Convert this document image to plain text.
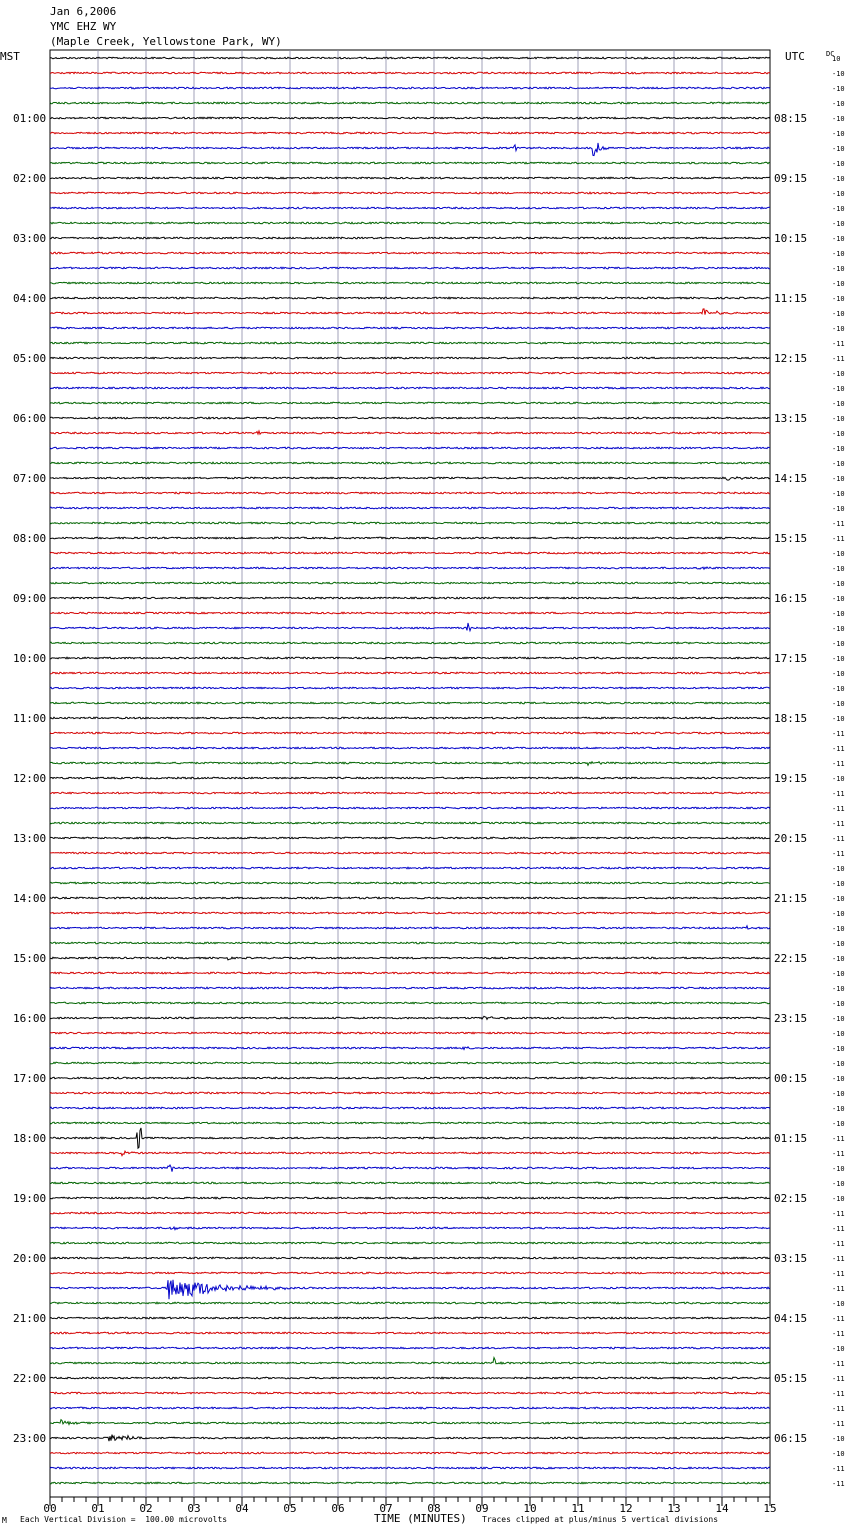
Jan 6,2006
YMC EHZ WY
(Maple Creek, Yellowstone Park, WY)
10
-10
-10
-10
-10
-10
-10
-10
-10
-10
-10
-10
-10
-10
-10
-10
-10
-10
-10
-11
-11
-10
-10
-10
-10
-10
-10
-10
-10
-10
-10
-11
-11
-10
-10
-10
-10
-10
-10
-10
-10
-10
-10
-10
-10
-11
-11
-11
-10
-11
-11
-11
-11
-11
-10
-10
-10
-10
-10
-10
-10
-10
-10
-10
-10
-10
-10
-10
-10
-10
-10
-10
-11
-11
-10
-10
-10
-11
-11
-11
-11
-11
-11
-10
-11
-11
-10
-11
-11
-11
-11
-11
-10
-10
-11
-11
01:00
02:00
03:00
04:00
05:00
06:00
07:00
08:00
09:00
10:00
11:00
12:00
13:00
14:00
15:00
16:00
17:00
18:00
19:00
20:00
21:00
22:00
23:00
08:15
09:15
10:15
11:15
12:15
13:15
14:15
15:15
16:15
17:15
18:15
19:15
20:15
21:15
22:15
23:15
00:15
01:15
02:15
03:15
04:15
05:15
06:15
00	01	02	03	04	05	06	07	08	09	10	11	12	13	14	15
MST	UTC	DC
TIME (MINUTES)
M Each Vertical Division =  100.00 microvolts	Traces clipped at plus/minus 5 vertical divisions
